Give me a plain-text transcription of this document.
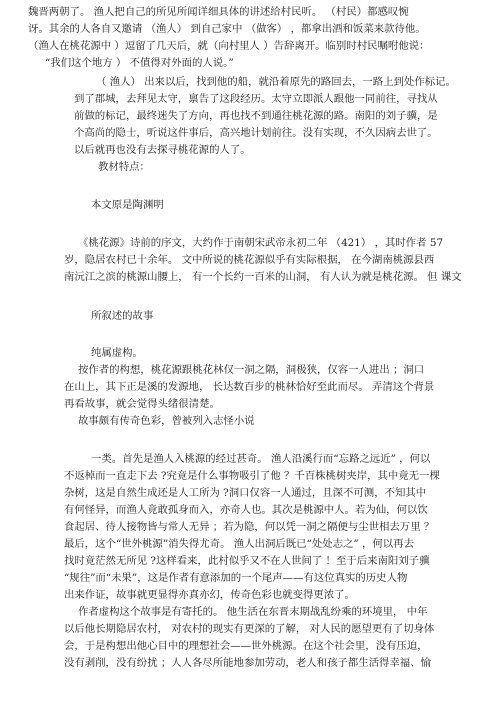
魏晋两朝了。 渔人把自己的所见所闻详细具体的讲述给村民听。 （村民）都感叹惋
讶。其余的人各自又邀请 （渔人） 到自己家中 （做客） ，都拿出酒和饭菜来款待他。
（渔人在桃花源中 ）逗留了几天后，就（向村里人 ）告辞离开。临别时村民嘱咐他说：
“我们这个地方 ） 不值得对外面的人说。”
（ 渔人） 出来以后，找到他的船，就沿着原先的路回去，一路上到处作标记。
到了郡城，去拜见太守，禀告了这段经历。太守立即派人跟他一同前往，寻找从
前做的标记，最终迷失了方向，再也找不到通往桃花源的路。南阳的刘子骥，是
个高尚的隐士，听说这件事后，高兴地计划前往。没有实现，不久因病去世了。
以后就再也没有去探寻桃花源的人了。
教材特点：
本文原是陶渊明
《桃花源》诗前的序文，大约作于南朝宋武帝永初二年 （421） ，其时作者 57
岁，隐居农村已十余年。 文中所说的桃花源似乎有实际根据， 在今湖南桃源县西
南沅江之滨的桃源山腰上， 有一个长约一百米的山洞， 有人认为就是桃花源。 但 课文
所叙述的故事
纯属虚构。
按作者的构想，桃花源跟桃花林仅一洞之隔，洞极狭，仅容一人进出 ；洞口
在山上，其下正是溪的发源地， 长达数百步的桃林恰好至此而尽。 弄清这个背景
再看故事，就会觉得头绪很清楚。
故事颇有传奇色彩，曾被列入志怪小说
一类。首先是渔人入桃源的经过甚奇。 渔人沿溪行而“忘路之远近” ，何以
不返棹而一直走下去 ?究竟是什么事物吸引了他 ？千百株桃树夹岸，其中竟无一棵
杂树，这是自然生成还是人工所为 ?洞口仅容一人通过，且深不可测，不知其中
有何怪异，而渔人竟敢孤身而入，亦奇人也。其次是桃源中人。若为仙，何以饮
食起居、待人接物皆与常人无异 ；若为隐，何以凭一洞之隔便与尘世相去万里 ？
最后，这个“世外桃源”消失得尤奇。 渔人出洞后既已“处处志之” ，何以再去
找时竟茫然无所见 ?这样看来，此村似乎又不在人世间了 ！至于后来南阳刘子骥
“规往”而“未果”，这是作者有意添加的一个尾声——有这位真实的历史人物
出来作证，故事就更显得亦真亦幻，传奇色彩也就变得更浓了。
作者虚构这个故事是有寄托的。 他生活在东晋末期战乱纷乘的环境里， 中年
以后他长期隐居农村， 对农村的现实有更深的了解， 对人民的愿望更有了切身体
会，于是构想出他心目中的理想社会——世外桃源。在这个社会里，没有压迫，
没有剥削，没有纷扰 ；人人各尽所能地参加劳动，老人和孩子都生活得幸福、愉
